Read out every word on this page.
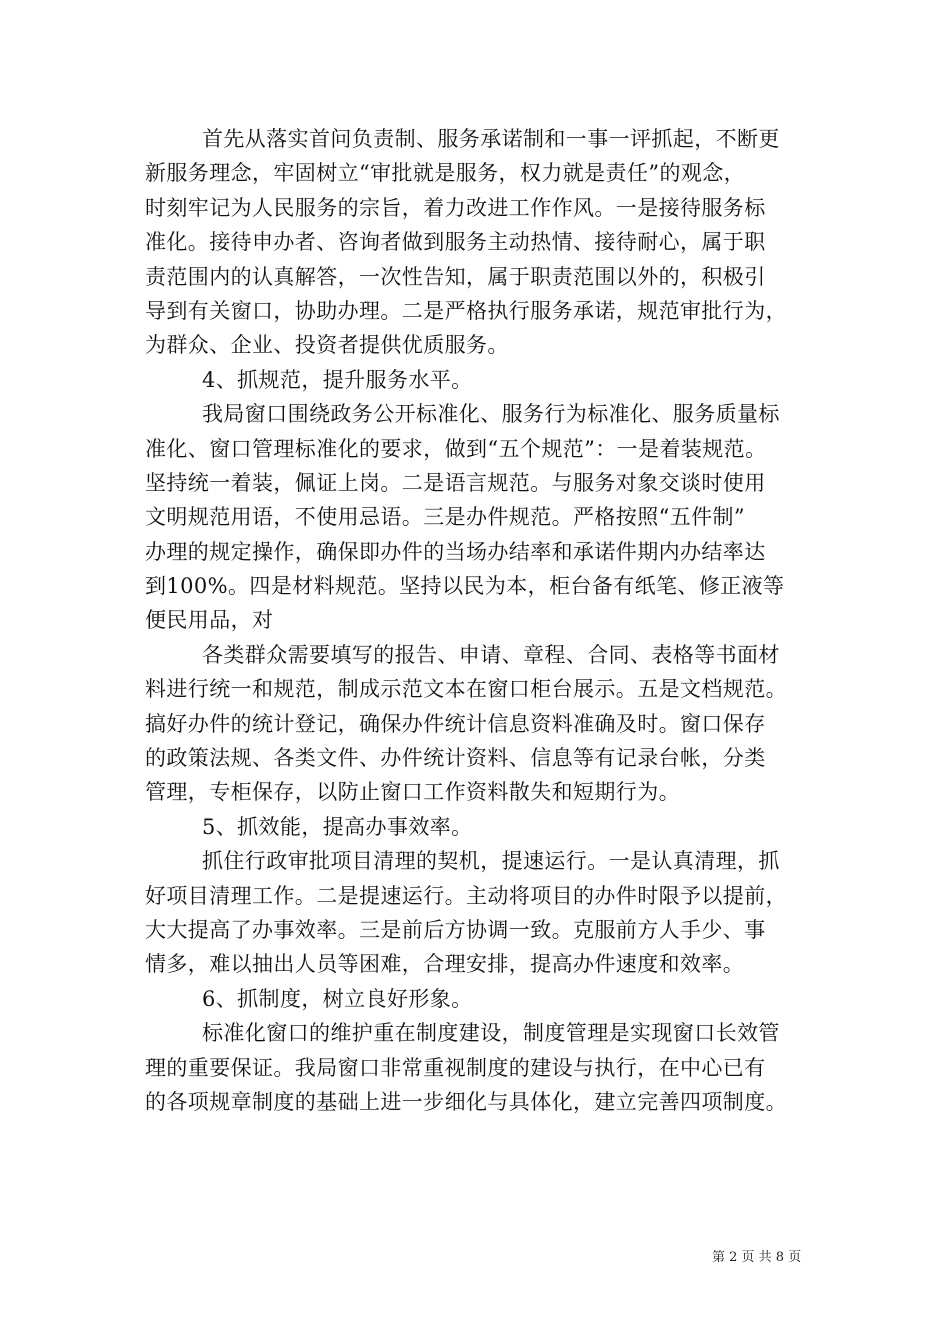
首先从落实首问负责制、服务承诺制和一事一评抓起，不断更
新服务理念，牢固树立“审批就是服务，权力就是责任”的观念，
时刻牢记为人民服务的宗旨，着力改进工作作风。一是接待服务标
准化。接待申办者、咨询者做到服务主动热情、接待耐心，属于职
责范围内的认真解答，一次性告知，属于职责范围以外的，积极引
导到有关窗口，协助办理。二是严格执行服务承诺，规范审批行为，
为群众、企业、投资者提供优质服务。
4、抓规范，提升服务水平。
我局窗口围绕政务公开标准化、服务行为标准化、服务质量标
准化、窗口管理标准化的要求，做到“五个规范”：一是着装规范。
坚持统一着装，佩证上岗。二是语言规范。与服务对象交谈时使用
文明规范用语，不使用忌语。三是办件规范。严格按照“五件制”
办理的规定操作，确保即办件的当场办结率和承诺件期内办结率达
到100%。四是材料规范。坚持以民为本，柜台备有纸笔、修正液等
便民用品，对
各类群众需要填写的报告、申请、章程、合同、表格等书面材
料进行统一和规范，制成示范文本在窗口柜台展示。五是文档规范。
搞好办件的统计登记，确保办件统计信息资料准确及时。窗口保存
的政策法规、各类文件、办件统计资料、信息等有记录台帐，分类
管理，专柜保存，以防止窗口工作资料散失和短期行为。
5、抓效能，提高办事效率。
抓住行政审批项目清理的契机，提速运行。一是认真清理，抓
好项目清理工作。二是提速运行。主动将项目的办件时限予以提前，
大大提高了办事效率。三是前后方协调一致。克服前方人手少、事
情多，难以抽出人员等困难，合理安排，提高办件速度和效率。
6、抓制度，树立良好形象。
标准化窗口的维护重在制度建设，制度管理是实现窗口长效管
理的重要保证。我局窗口非常重视制度的建设与执行，在中心已有
的各项规章制度的基础上进一步细化与具体化，建立完善四项制度。
第 2 页 共 8 页
